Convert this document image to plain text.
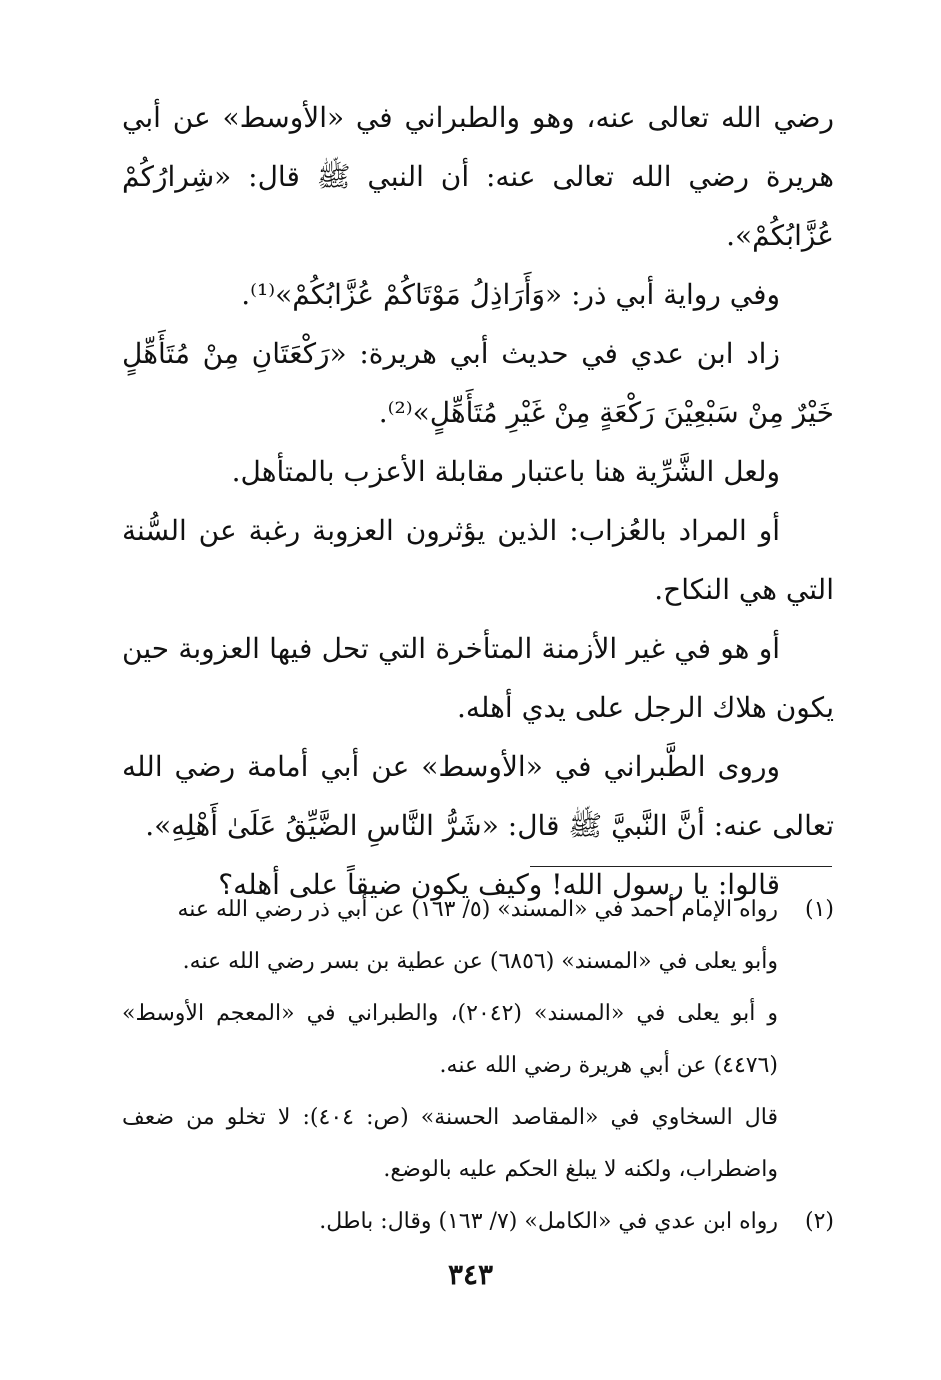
رضي الله تعالى عنه، وهو والطبراني في «الأوسط» عن أبي هريرة رضي الله تعالى عنه: أن النبي ﷺ قال: «شِرارُكُمْ عُزَّابُكُمْ».

وفي رواية أبي ذر: «وَأَرَاذِلُ مَوْتَاكُمْ عُزَّابُكُمْ»⁽¹⁾.

زاد ابن عدي في حديث أبي هريرة: «رَكْعَتَانِ مِنْ مُتَأَهِّلٍ خَيْرٌ مِنْ سَبْعِيْنَ رَكْعَةٍ مِنْ غَيْرِ مُتَأَهِّلٍ»⁽²⁾.

ولعل الشَّرِّية هنا باعتبار مقابلة الأعزب بالمتأهل.

أو المراد بالعُزاب: الذين يؤثرون العزوبة رغبة عن السُّنة التي هي النكاح.

أو هو في غير الأزمنة المتأخرة التي تحل فيها العزوبة حين يكون هلاك الرجل على يدي أهله.

وروى الطَّبراني في «الأوسط» عن أبي أمامة رضي الله تعالى عنه: أنَّ النَّبيَّ ﷺ قال: «شَرُّ النَّاسِ الضَّيِّقُ عَلَىٰ أَهْلِهِ».

قالوا: يا رسول الله! وكيف يكون ضيقاً على أهله؟

(١)رواه الإمام أحمد في «المسند» (٥/ ١٦٣) عن أبي ذر رضي الله عنه

وأبو يعلى في «المسند» (٦٨٥٦) عن عطية بن بسر رضي الله عنه.

و أبو يعلى في «المسند» (٢٠٤٢)، والطبراني في «المعجم الأوسط» (٤٤٧٦) عن أبي هريرة رضي الله عنه.

قال السخاوي في «المقاصد الحسنة» (ص: ٤٠٤): لا تخلو من ضعف واضطراب، ولكنه لا يبلغ الحكم عليه بالوضع.

(٢)رواه ابن عدي في «الكامل» (٧/ ١٦٣) وقال: باطل.

٣٤٣
